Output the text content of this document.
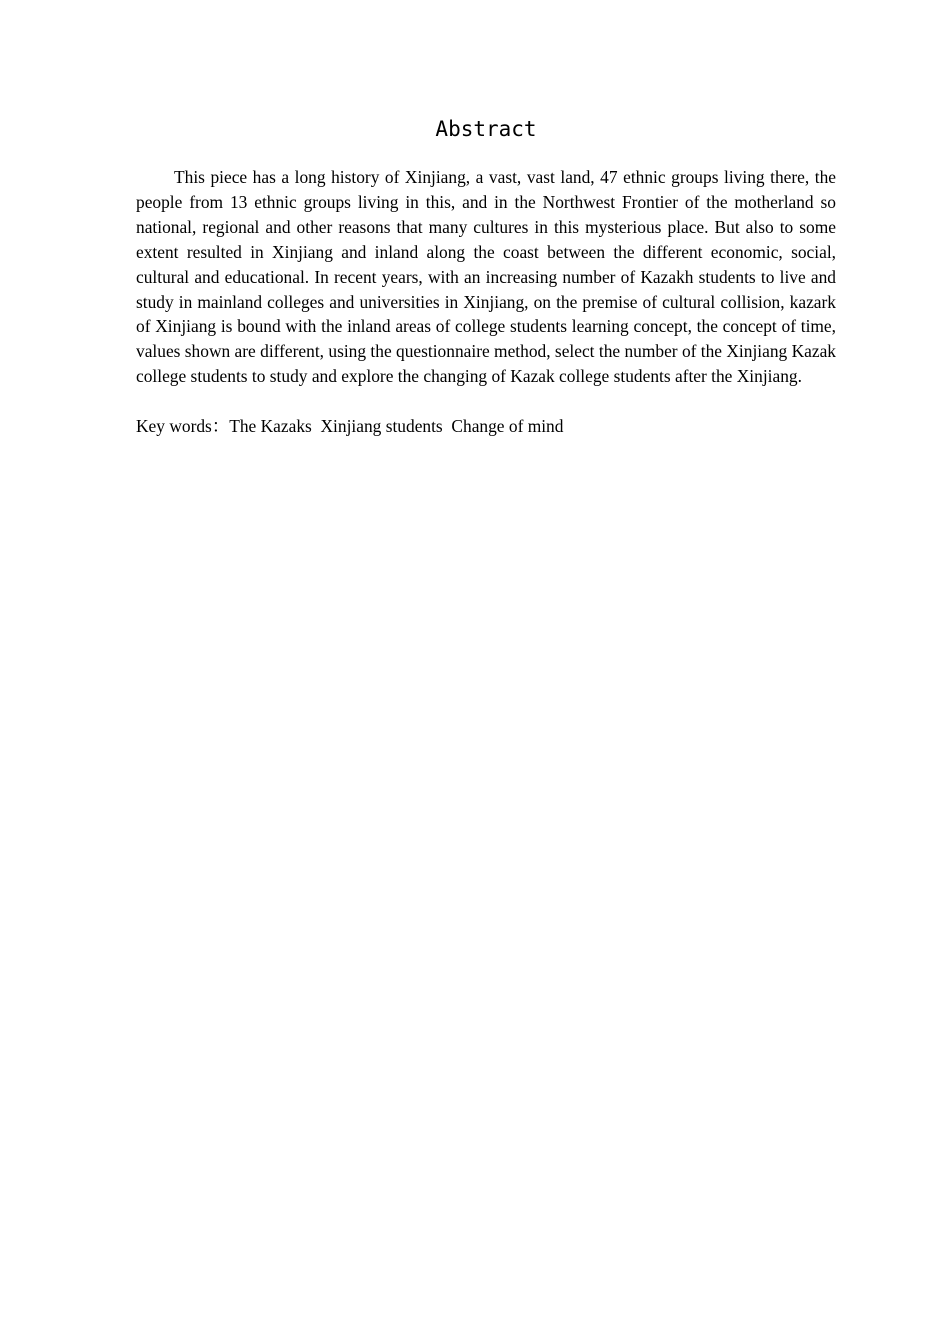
Abstract

This piece has a long history of Xinjiang, a vast, vast land, 47 ethnic groups living there, the people from 13 ethnic groups living in this, and in the Northwest Frontier of the motherland so national, regional and other reasons that many cultures in this mysterious place. But also to some extent resulted in Xinjiang and inland along the coast between the different economic, social, cultural and educational. In recent years, with an increasing number of Kazakh students to live and study in mainland colleges and universities in Xinjiang, on the premise of cultural collision, kazark of Xinjiang is bound with the inland areas of college students learning concept, the concept of time, values shown are different, using the questionnaire method, select the number of the Xinjiang Kazak college students to study and explore the changing of Kazak college students after the Xinjiang.

Key words：The Kazaks  Xinjiang students  Change of mind
